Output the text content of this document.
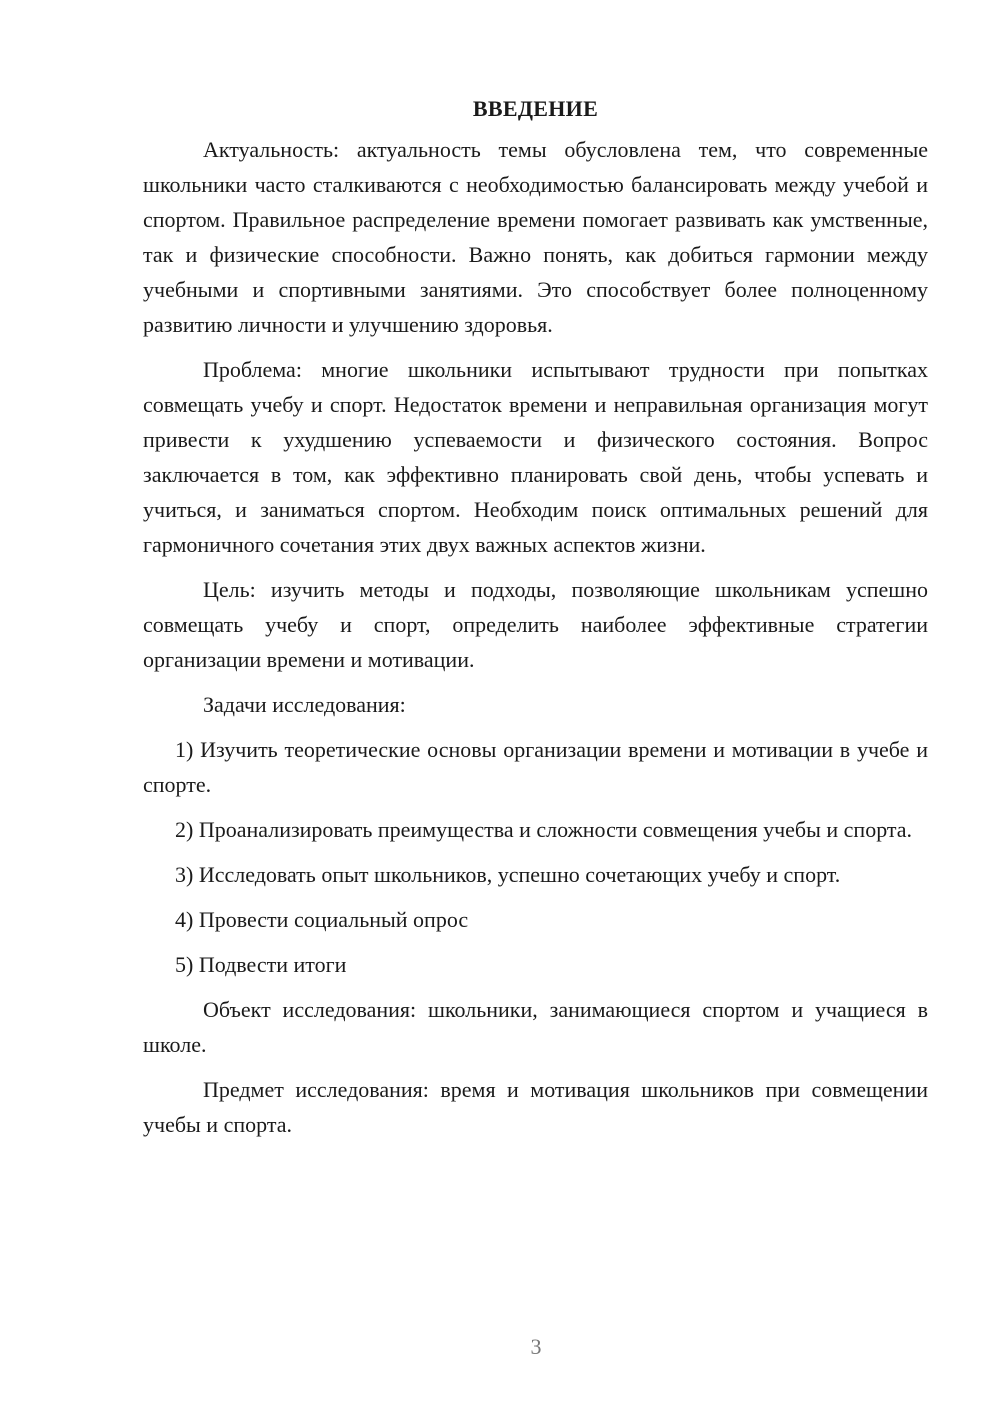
ВВЕДЕНИЕ

Актуальность: актуальность темы обусловлена тем, что современные школьники часто сталкиваются с необходимостью балансировать между учебой и спортом. Правильное распределение времени помогает развивать как умственные, так и физические способности. Важно понять, как добиться гармонии между учебными и спортивными занятиями. Это способствует более полноценному развитию личности и улучшению здоровья.

Проблема: многие школьники испытывают трудности при попытках совмещать учебу и спорт. Недостаток времени и неправильная организация могут привести к ухудшению успеваемости и физического состояния. Вопрос заключается в том, как эффективно планировать свой день, чтобы успевать и учиться, и заниматься спортом. Необходим поиск оптимальных решений для гармоничного сочетания этих двух важных аспектов жизни.

Цель: изучить методы и подходы, позволяющие школьникам успешно совмещать учебу и спорт, определить наиболее эффективные стратегии организации времени и мотивации.

Задачи исследования:

1) Изучить теоретические основы организации времени и мотивации в учебе и спорте.

2) Проанализировать преимущества и сложности совмещения учебы и спорта.

3) Исследовать опыт школьников, успешно сочетающих учебу и спорт.

4) Провести социальный опрос

5) Подвести итоги

Объект исследования: школьники, занимающиеся спортом и учащиеся в школе.

Предмет исследования: время и мотивация школьников при совмещении учебы и спорта.

3
